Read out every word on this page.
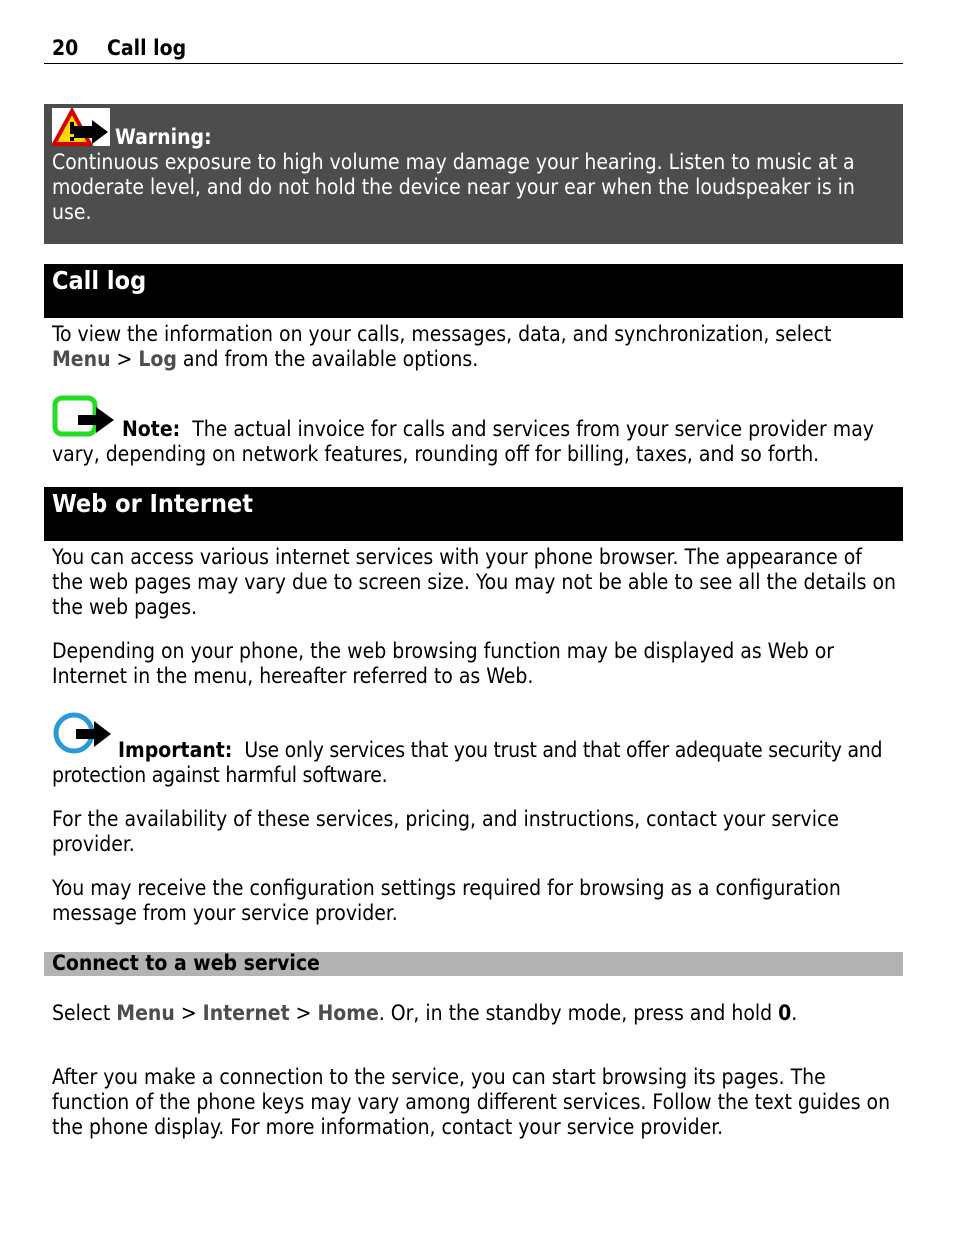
20 Call log
Warning:

Continuous exposure to high volume may damage your hearing. Listen to music at a moderate level, and do not hold the device near your ear when the loudspeaker is in use.

Call log

To view the information on your calls, messages, data, and synchronization, select
Menu > Log and from the available options.

Note: The actual invoice for calls and services from your service provider may vary, depending on network features, rounding off for billing, taxes, and so forth.

Web or Internet

You can access various internet services with your phone browser. The appearance of the web pages may vary due to screen size. You may not be able to see all the details on the web pages.

Depending on your phone, the web browsing function may be displayed as Web or Internet in the menu, hereafter referred to as Web.

Important: Use only services that you trust and that offer adequate security and protection against harmful software.

For the availability of these services, pricing, and instructions, contact your service provider.

You may receive the configuration settings required for browsing as a configuration message from your service provider.

Connect to a web service

Select Menu > Internet > Home. Or, in the standby mode, press and hold 0.

After you make a connection to the service, you can start browsing its pages. The function of the phone keys may vary among different services. Follow the text guides on the phone display. For more information, contact your service provider.
